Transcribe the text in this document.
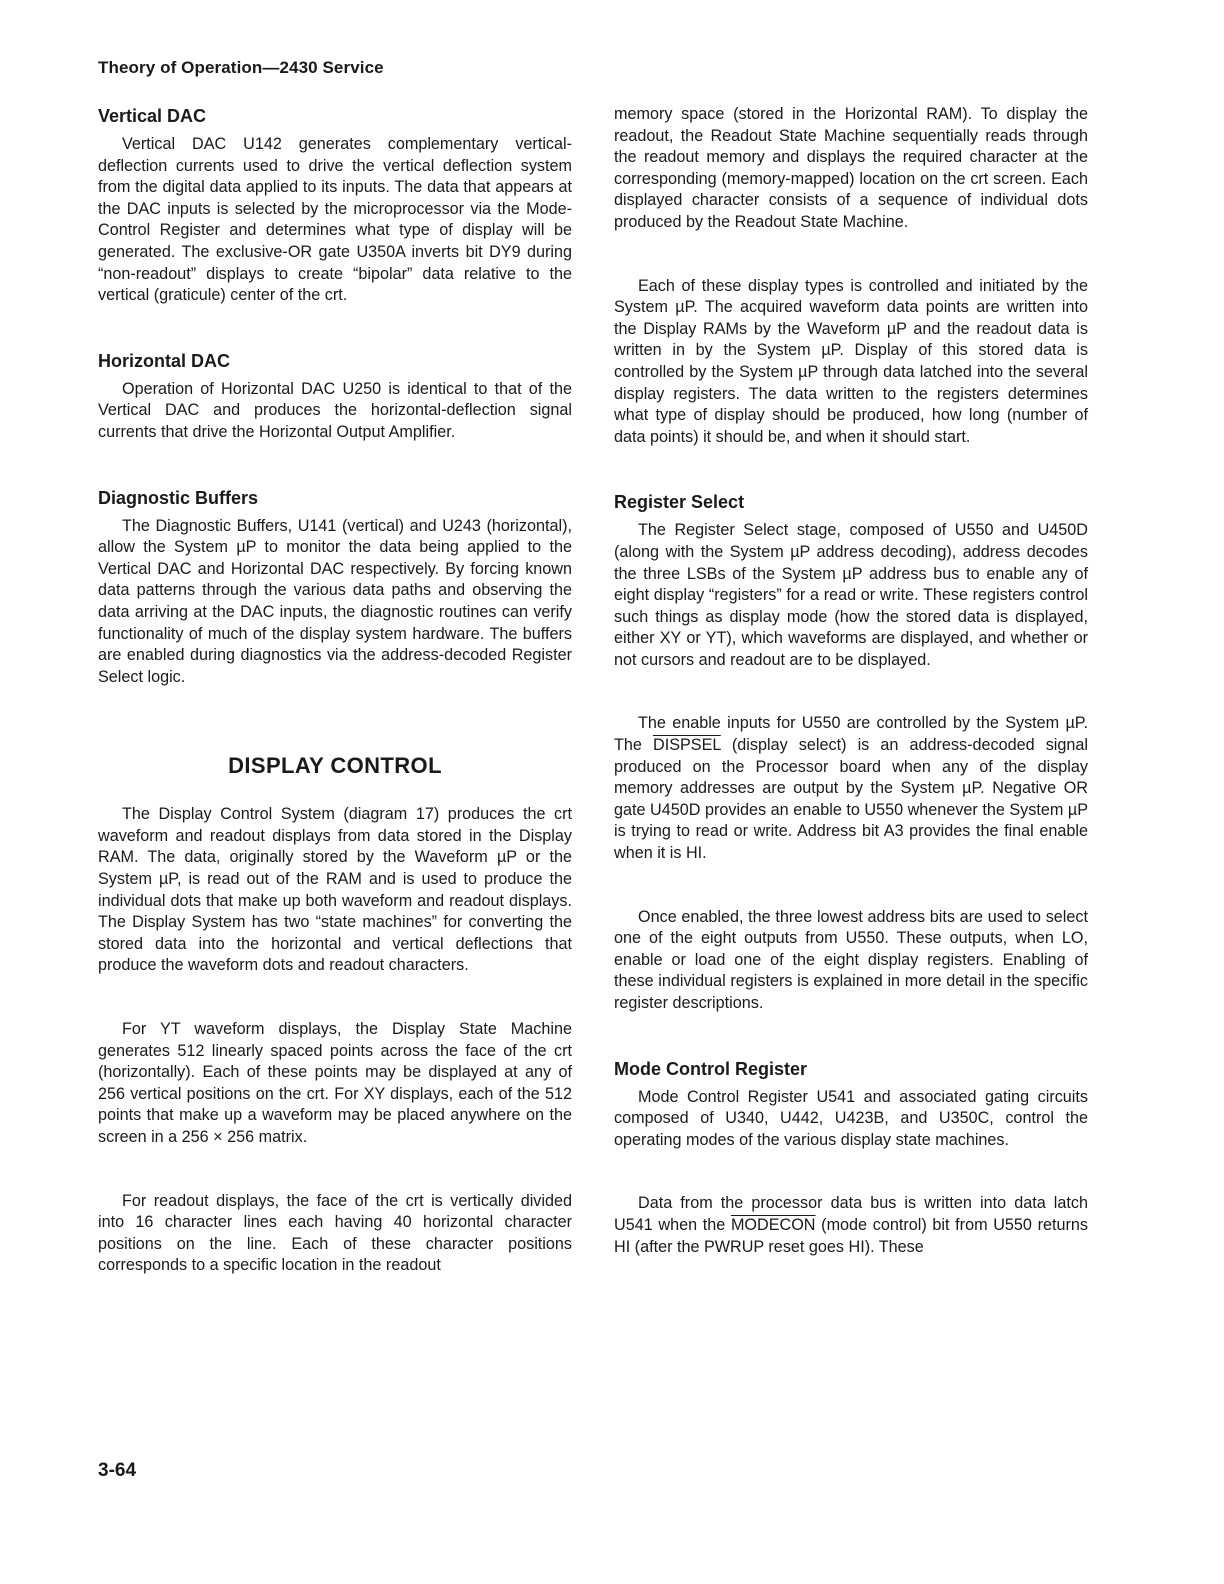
Theory of Operation—2430 Service
Vertical DAC

Vertical DAC U142 generates complementary vertical-deflection currents used to drive the vertical deflection system from the digital data applied to its inputs. The data that appears at the DAC inputs is selected by the microprocessor via the Mode-Control Register and determines what type of display will be generated. The exclusive-OR gate U350A inverts bit DY9 during “non-readout” displays to create “bipolar” data relative to the vertical (graticule) center of the crt.

Horizontal DAC

Operation of Horizontal DAC U250 is identical to that of the Vertical DAC and produces the horizontal-deflection signal currents that drive the Horizontal Output Amplifier.

Diagnostic Buffers

The Diagnostic Buffers, U141 (vertical) and U243 (horizontal), allow the System µP to monitor the data being applied to the Vertical DAC and Horizontal DAC respectively. By forcing known data patterns through the various data paths and observing the data arriving at the DAC inputs, the diagnostic routines can verify functionality of much of the display system hardware. The buffers are enabled during diagnostics via the address-decoded Register Select logic.

DISPLAY CONTROL

The Display Control System (diagram 17) produces the crt waveform and readout displays from data stored in the Display RAM. The data, originally stored by the Waveform µP or the System µP, is read out of the RAM and is used to produce the individual dots that make up both waveform and readout displays. The Display System has two “state machines” for converting the stored data into the horizontal and vertical deflections that produce the waveform dots and readout characters.

For YT waveform displays, the Display State Machine generates 512 linearly spaced points across the face of the crt (horizontally). Each of these points may be displayed at any of 256 vertical positions on the crt. For XY displays, each of the 512 points that make up a waveform may be placed anywhere on the screen in a 256 × 256 matrix.

For readout displays, the face of the crt is vertically divided into 16 character lines each having 40 horizontal character positions on the line. Each of these character positions corresponds to a specific location in the readout

memory space (stored in the Horizontal RAM). To display the readout, the Readout State Machine sequentially reads through the readout memory and displays the required character at the corresponding (memory-mapped) location on the crt screen. Each displayed character consists of a sequence of individual dots produced by the Readout State Machine.

Each of these display types is controlled and initiated by the System µP. The acquired waveform data points are written into the Display RAMs by the Waveform µP and the readout data is written in by the System µP. Display of this stored data is controlled by the System µP through data latched into the several display registers. The data written to the registers determines what type of display should be produced, how long (number of data points) it should be, and when it should start.

Register Select

The Register Select stage, composed of U550 and U450D (along with the System µP address decoding), address decodes the three LSBs of the System µP address bus to enable any of eight display “registers” for a read or write. These registers control such things as display mode (how the stored data is displayed, either XY or YT), which waveforms are displayed, and whether or not cursors and readout are to be displayed.

The enable inputs for U550 are controlled by the System µP. The DISPSEL (display select) is an address-decoded signal produced on the Processor board when any of the display memory addresses are output by the System µP. Negative OR gate U450D provides an enable to U550 whenever the System µP is trying to read or write. Address bit A3 provides the final enable when it is HI.

Once enabled, the three lowest address bits are used to select one of the eight outputs from U550. These outputs, when LO, enable or load one of the eight display registers. Enabling of these individual registers is explained in more detail in the specific register descriptions.

Mode Control Register

Mode Control Register U541 and associated gating circuits composed of U340, U442, U423B, and U350C, control the operating modes of the various display state machines.

Data from the processor data bus is written into data latch U541 when the MODECON (mode control) bit from U550 returns HI (after the PWRUP reset goes HI). These

3-64
